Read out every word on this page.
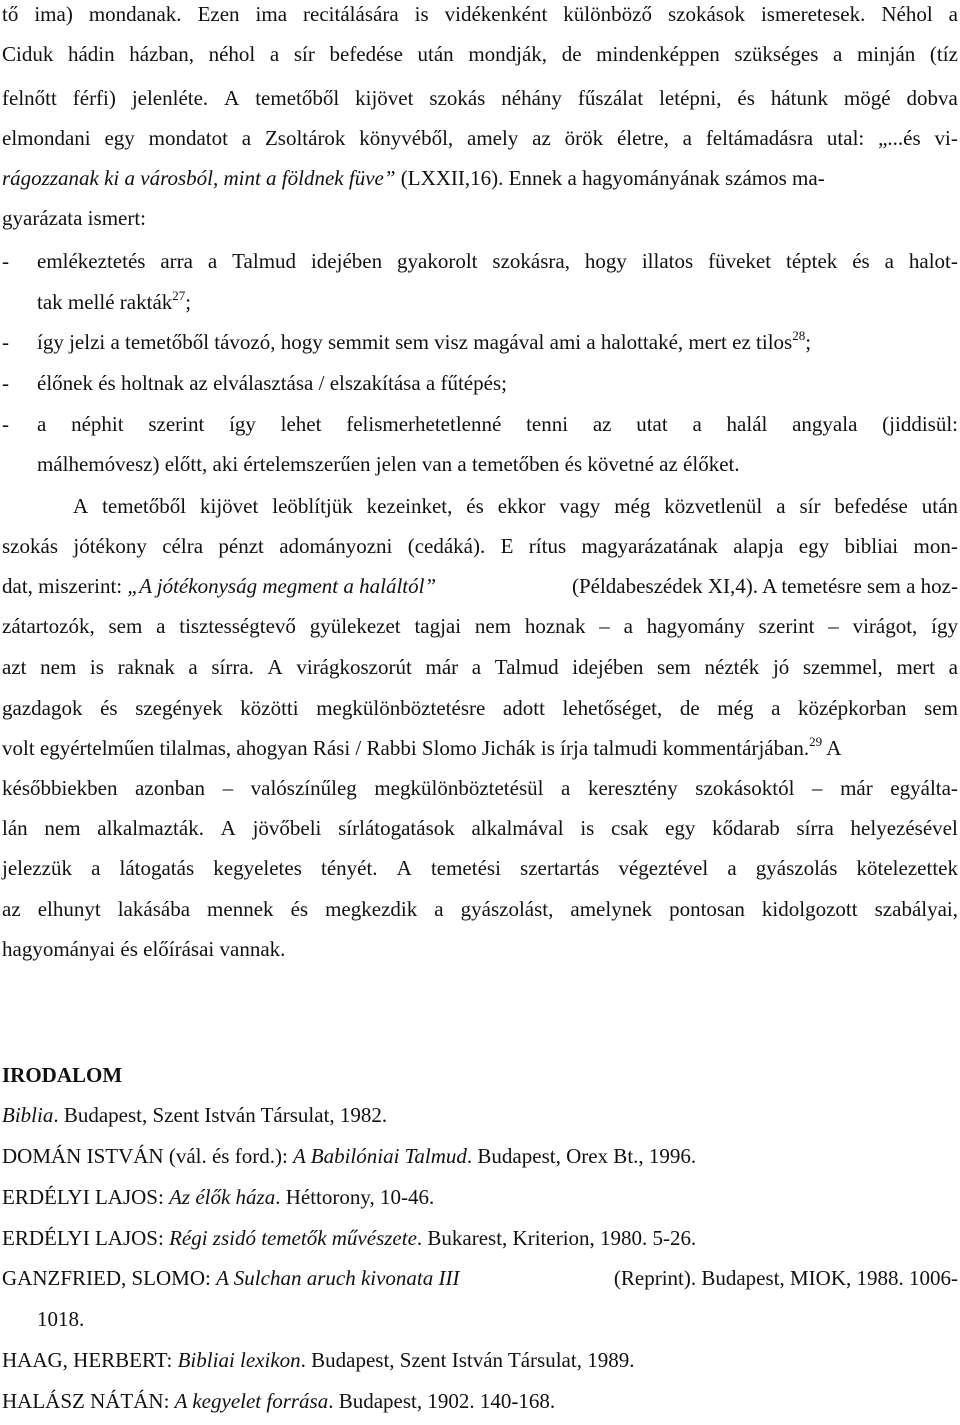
tő ima) mondanak. Ezen ima recitálására is vidékenként különböző szokások ismeretesek. Néhol a
Ciduk hádin házban, néhol a sír befedése után mondják, de mindenképpen szükséges a minján (tíz
felnőtt férfi) jelenléte. A temetőből kijövet szokás néhány fűszálat letépni, és hátunk mögé dobva
elmondani egy mondatot a Zsoltárok könyvéből, amely az örök életre, a feltámadásra utal: „...és vi-
rágozzanak ki a városból, mint a földnek füve” (LXXII,16). Ennek a hagyományának számos ma-
gyarázata ismert:
- emlékeztetés arra a Talmud idejében gyakorolt szokásra, hogy illatos füveket téptek és a halot-
tak mellé rakták$^{27}$;
- így jelzi a temetőből távozó, hogy semmit sem visz magával ami a halottaké, mert ez tilos$^{28}$;
- élőnek és holtnak az elválasztása / elszakítása a fűtépés;
- a néphit szerint így lehet felismerhetetlenné tenni az utat a halál angyala (jiddisül:
málhemóvesz) előtt, aki értelemszerűen jelen van a temetőben és követné az élőket.
A temetőből kijövet leöblítjük kezeinket, és ekkor vagy még közvetlenül a sír befedése után
szokás jótékony célra pénzt adományozni (cedáká). E rítus magyarázatának alapja egy bibliai mon-
dat, miszerint: „A jótékonyság megment a haláltól”	(Példabeszédek XI,4). A temetésre sem a hoz-
zátartozók, sem a tisztességtevő gyülekezet tagjai nem hoznak – a hagyomány szerint – virágot, így
azt nem is raknak a sírra. A virágkoszorút már a Talmud idejében sem nézték jó szemmel, mert a
gazdagok és szegények közötti megkülönböztetésre adott lehetőséget, de még a középkorban sem
volt egyértelműen tilalmas, ahogyan Rási / Rabbi Slomo Jichák is írja talmudi kommentárjában.$^{29}$ A
későbbiekben azonban – valószínűleg megkülönböztetésül a keresztény szokásoktól – már egyálta-
lán nem alkalmazták. A jövőbeli sírlátogatások alkalmával is csak egy kődarab sírra helyezésével
jelezzük a látogatás kegyeletes tényét. A temetési szertartás végeztével a gyászolás kötelezettek
az elhunyt lakásába mennek és megkezdik a gyászolást, amelynek pontosan kidolgozott szabályai,
hagyományai és előírásai vannak.
IRODALOM
Biblia. Budapest, Szent István Társulat, 1982.
DOMÁN ISTVÁN (vál. és ford.): A Babilóniai Talmud. Budapest, Orex Bt., 1996.
ERDÉLYI LAJOS: Az élők háza. Héttorony, 10-46.
ERDÉLYI LAJOS: Régi zsidó temetők művészete. Bukarest, Kriterion, 1980. 5-26.
GANZFRIED, SLOMO: A Sulchan aruch kivonata III	(Reprint). Budapest, MIOK, 1988. 1006-
1018.
HAAG, HERBERT: Bibliai lexikon. Budapest, Szent István Társulat, 1989.
HALÁSZ NÁTÁN: A kegyelet forrása. Budapest, 1902. 140-168.
